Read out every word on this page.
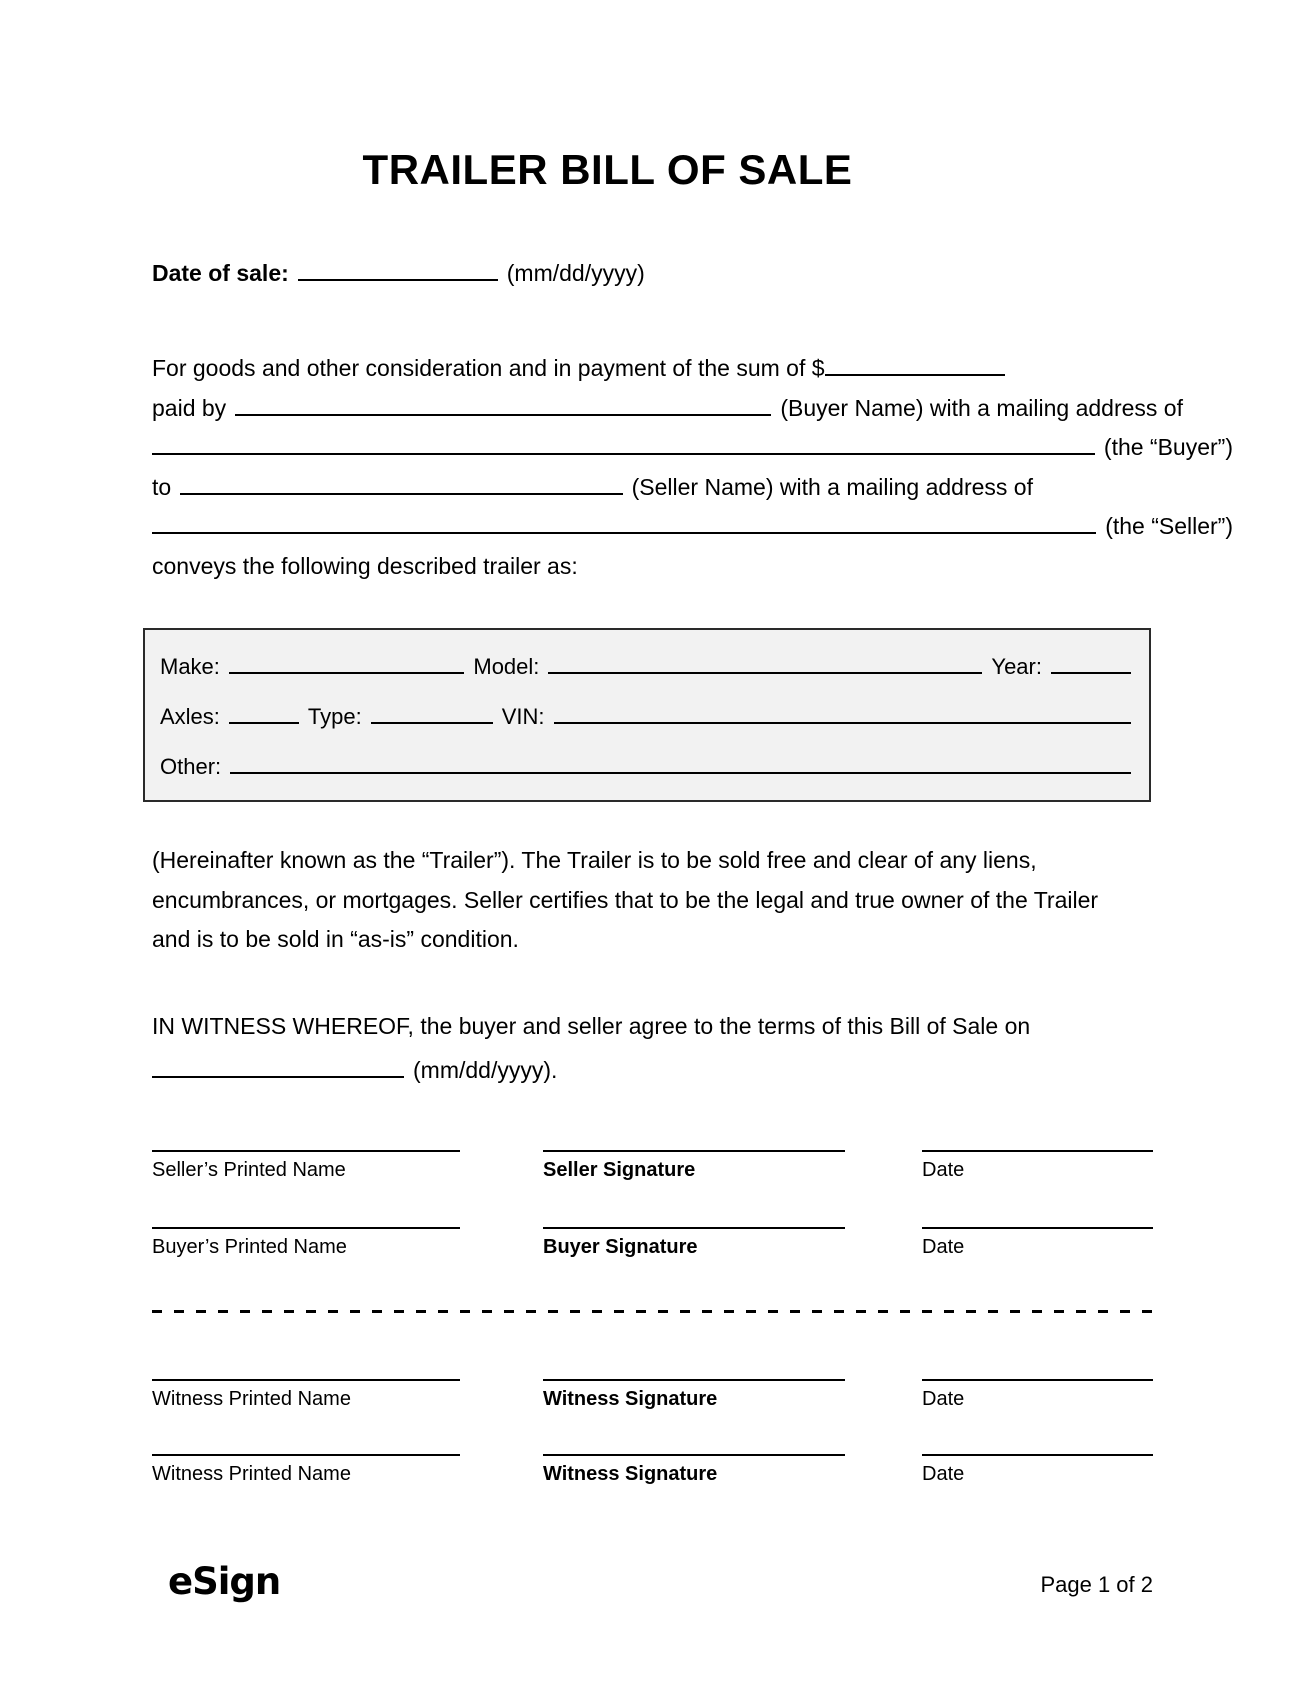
TRAILER BILL OF SALE
Date of sale:	(mm/dd/yyyy)
For goods and other consideration and in payment of the sum of $
paid by	(Buyer Name) with a mailing address of
(the “Buyer”)
to	(Seller Name) with a mailing address of
(the “Seller”)
conveys the following described trailer as:
Make:	Model:	Year:
Axles:	Type:	VIN:
Other:
(Hereinafter known as the “Trailer”). The Trailer is to be sold free and clear of any liens,
encumbrances, or mortgages. Seller certifies that to be the legal and true owner of the Trailer
and is to be sold in “as-is” condition.
IN WITNESS WHEREOF, the buyer and seller agree to the terms of this Bill of Sale on
(mm/dd/yyyy).
Seller’s Printed Name	Seller Signature	Date
Buyer’s Printed Name	Buyer Signature	Date
Witness Printed Name	Witness Signature	Date
Witness Printed Name	Witness Signature	Date
eSign	Page 1 of 2
